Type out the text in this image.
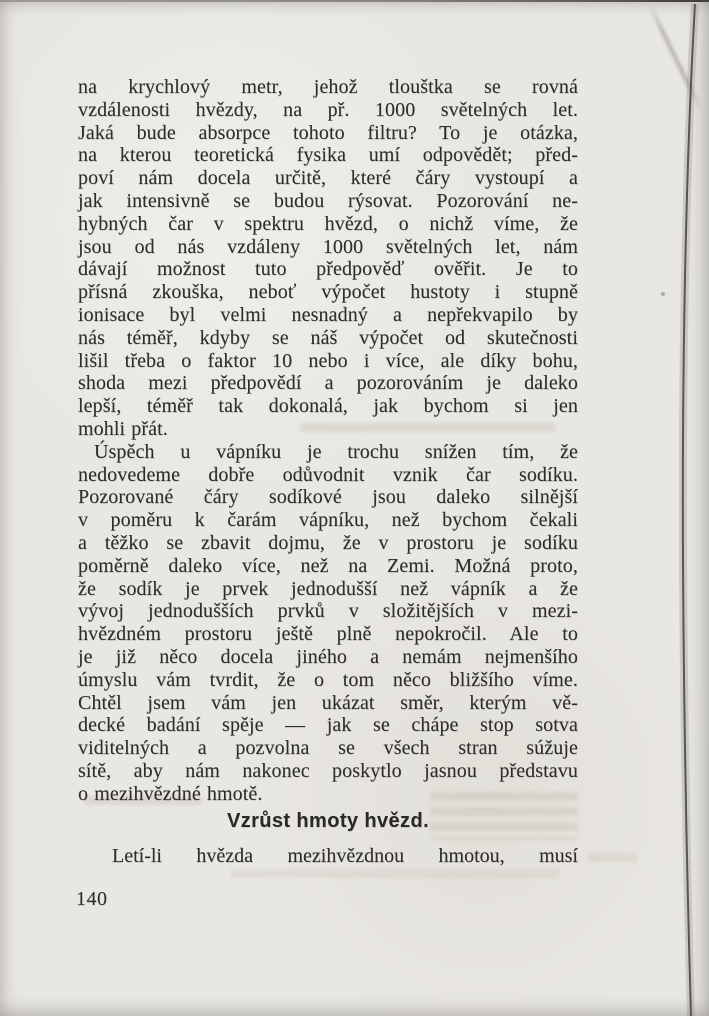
na krychlový metr, jehož tlouštka se rovná
vzdálenosti hvězdy, na př. 1000 světelných let.
Jaká bude absorpce tohoto filtru? To je otázka,
na kterou teoretická fysika umí odpovědět; před-
poví nám docela určitě, které čáry vystoupí a
jak intensivně se budou rýsovat. Pozorování ne-
hybných čar v spektru hvězd, o nichž víme, že
jsou od nás vzdáleny 1000 světelných let, nám
dávají možnost tuto předpověď ověřit. Je to
přísná zkouška, neboť výpočet hustoty i stupně
ionisace byl velmi nesnadný a nepřekvapilo by
nás téměř, kdyby se náš výpočet od skutečnosti
lišil třeba o faktor 10 nebo i více, ale díky bohu,
shoda mezi předpovědí a pozorováním je daleko
lepší, téměř tak dokonalá, jak bychom si jen
mohli přát.
Úspěch u vápníku je trochu snížen tím, že
nedovedeme dobře odůvodnit vznik čar sodíku.
Pozorované čáry sodíkové jsou daleko silnější
v poměru k čarám vápníku, než bychom čekali
a těžko se zbavit dojmu, že v prostoru je sodíku
poměrně daleko více, než na Zemi. Možná proto,
že sodík je prvek jednodušší než vápník a že
vývoj jednodušších prvků v složitějších v mezi-
hvězdném prostoru ještě plně nepokročil. Ale to
je již něco docela jiného a nemám nejmenšího
úmyslu vám tvrdit, že o tom něco bližšího víme.
Chtěl jsem vám jen ukázat směr, kterým vě-
decké badání spěje — jak se chápe stop sotva
viditelných a pozvolna se všech stran súžuje
sítě, aby nám nakonec poskytlo jasnou představu
o mezihvězdné hmotě.
Vzrůst hmoty hvězd.
Letí-li hvězda mezihvězdnou hmotou, musí
140
